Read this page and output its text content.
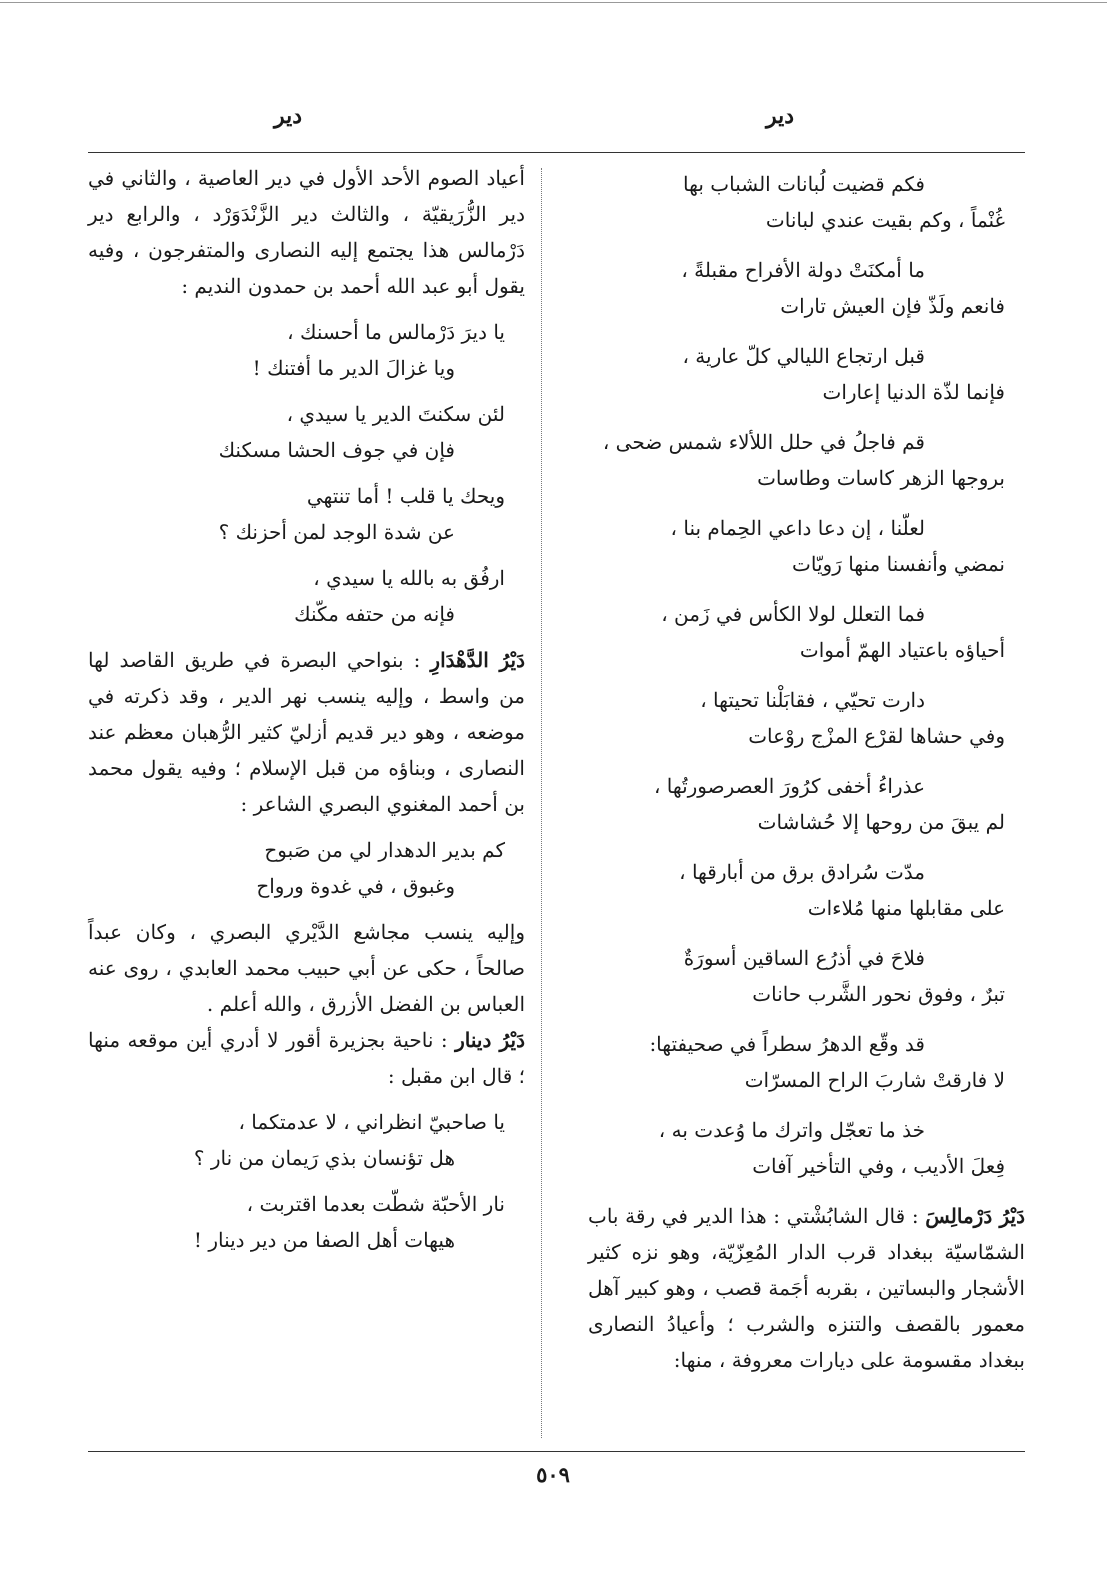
دير
دير
فكم قضيت لُبانات الشباب بها
غُنْماً ، وكم بقيت عندي لبانات
ما أمكنَتْ دولة الأفراح مقبلةً ،
فانعم ولَذّ فإن العيش تارات
قبل ارتجاع الليالي كلّ عارية ،
فإنما لذّة الدنيا إعارات
قم فاجلُ في حلل اللألاء شمس ضحى ،
بروجها الزهر كاسات وطاسات
لعلّنا ، إن دعا داعي الحِمام بنا ،
نمضي وأنفسنا منها رَويّات
فما التعلل لولا الكأس في زَمن ،
أحياؤه باعتياد الهمّ أموات
دارت تحيّي ، فقابَلْنا تحيتها ،
وفي حشاها لقرْع المزْج روْعات
عذراءُ أخفى كرُورَ العصرصورتُها ،
لم يبقَ من روحها إلا حُشاشات
مدّت سُرادق برق من أبارقها ،
على مقابلها منها مُلاءات
فلاحَ في أذرُع الساقين أسورَةٌ
تبرٌ ، وفوق نحور الشَّرب حانات
قد وقّع الدهرُ سطراً في صحيفتها:
لا فارقتْ شاربَ الراح المسرّات
خذ ما تعجّل واترك ما وُعدت به ،
فِعلَ الأديب ، وفي التأخير آفات

دَيْرُ دَرْمالِسَ : قال الشابُشْتي : هذا الدير في رقة باب الشمّاسيّة ببغداد قرب الدار المُعِزّيّة، وهو نزه كثير الأشجار والبساتين ، بقربه أجَمة قصب ، وهو كبير آهل معمور بالقصف والتنزه والشرب ؛ وأعيادُ النصارى ببغداد مقسومة على ديارات معروفة ، منها:

أعياد الصوم الأحد الأول في دير العاصية ، والثاني في دير الزُّرَيقيّة ، والثالث دير الزَّنْدَوَرْد ، والرابع دير دَرْمالس هذا يجتمع إليه النصارى والمتفرجون ، وفيه يقول أبو عبد الله أحمد بن حمدون النديم :

يا ديرَ دَرْمالس ما أحسنك ،
ويا غزالَ الدير ما أفتنك !
لئن سكنتَ الدير يا سيدي ،
فإن في جوف الحشا مسكنك
ويحك يا قلب ! أما تنتهي
عن شدة الوجد لمن أحزنك ؟
ارفُق به بالله يا سيدي ،
فإنه من حتفه مكّنك

دَيْرُ الدَّهْدَارِ : بنواحي البصرة في طريق القاصد لها من واسط ، وإليه ينسب نهر الدير ، وقد ذكرته في موضعه ، وهو دير قديم أزليّ كثير الرُّهبان معظم عند النصارى ، وبناؤه من قبل الإسلام ؛ وفيه يقول محمد بن أحمد المغنوي البصري الشاعر :

كم بدير الدهدار لي من صَبوح
وغبوق ، في غدوة ورواح

وإليه ينسب مجاشع الدَّيْري البصري ، وكان عبداً صالحاً ، حكى عن أبي حبيب محمد العابدي ، روى عنه العباس بن الفضل الأزرق ، والله أعلم .

دَيْرُ دينار : ناحية بجزيرة أقور لا أدري أين موقعه منها ؛ قال ابن مقبل :

يا صاحبيّ انظراني ، لا عدمتكما ،
هل تؤنسان بذي رَيمان من نار ؟
نار الأحبّة شطّت بعدما اقتربت ،
هيهات أهل الصفا من دير دينار !
٥٠٩
